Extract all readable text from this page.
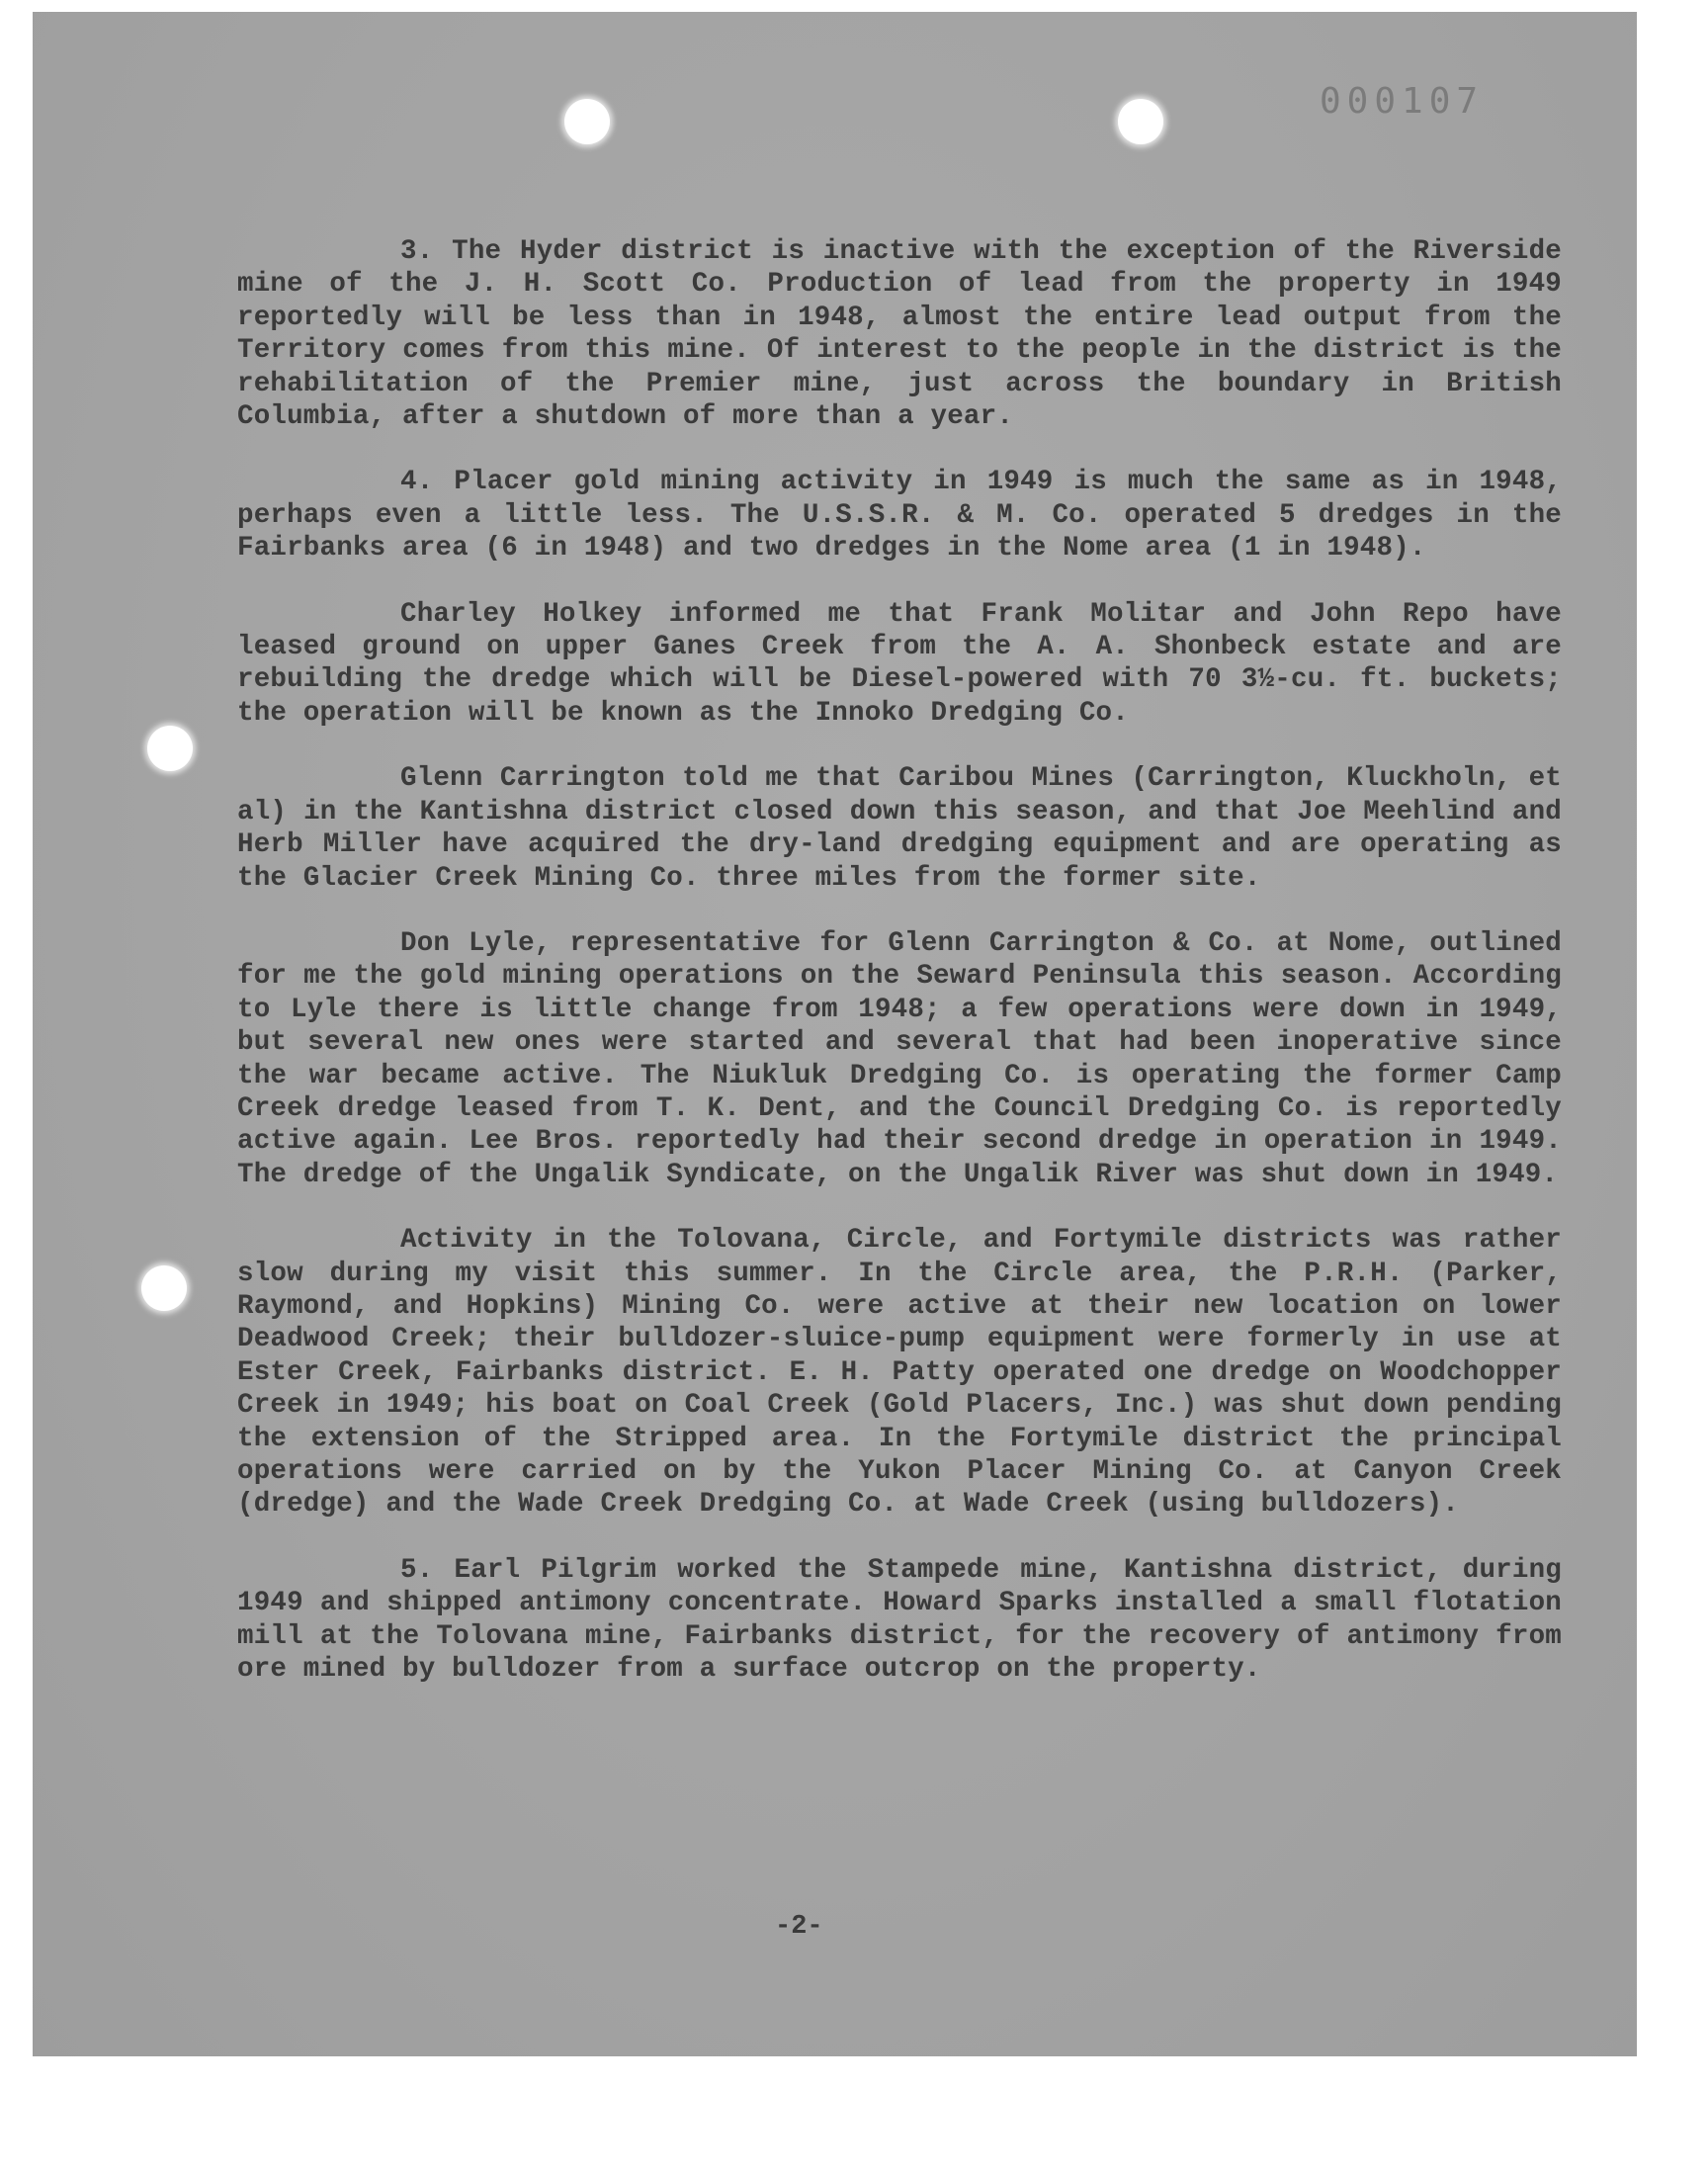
000107

3. The Hyder district is inactive with the exception of the Riverside mine of the J. H. Scott Co. Production of lead from the property in 1949 reportedly will be less than in 1948, almost the entire lead output from the Territory comes from this mine. Of interest to the people in the district is the rehabilitation of the Premier mine, just across the boundary in British Columbia, after a shutdown of more than a year.

4. Placer gold mining activity in 1949 is much the same as in 1948, perhaps even a little less. The U.S.S.R. & M. Co. operated 5 dredges in the Fairbanks area (6 in 1948) and two dredges in the Nome area (1 in 1948).

Charley Holkey informed me that Frank Molitar and John Repo have leased ground on upper Ganes Creek from the A. A. Shonbeck estate and are rebuilding the dredge which will be Diesel-powered with 70 3½-cu. ft. buckets; the operation will be known as the Innoko Dredging Co.

Glenn Carrington told me that Caribou Mines (Carrington, Kluckholn, et al) in the Kantishna district closed down this season, and that Joe Meehlind and Herb Miller have acquired the dry-land dredging equipment and are operating as the Glacier Creek Mining Co. three miles from the former site.

Don Lyle, representative for Glenn Carrington & Co. at Nome, outlined for me the gold mining operations on the Seward Peninsula this season. According to Lyle there is little change from 1948; a few operations were down in 1949, but several new ones were started and several that had been inoperative since the war became active. The Niukluk Dredging Co. is operating the former Camp Creek dredge leased from T. K. Dent, and the Council Dredging Co. is reportedly active again. Lee Bros. reportedly had their second dredge in operation in 1949. The dredge of the Ungalik Syndicate, on the Ungalik River was shut down in 1949.

Activity in the Tolovana, Circle, and Fortymile districts was rather slow during my visit this summer. In the Circle area, the P.R.H. (Parker, Raymond, and Hopkins) Mining Co. were active at their new location on lower Deadwood Creek; their bulldozer-sluice-pump equipment were formerly in use at Ester Creek, Fairbanks district. E. H. Patty operated one dredge on Woodchopper Creek in 1949; his boat on Coal Creek (Gold Placers, Inc.) was shut down pending the extension of the Stripped area. In the Fortymile district the principal operations were carried on by the Yukon Placer Mining Co. at Canyon Creek (dredge) and the Wade Creek Dredging Co. at Wade Creek (using bulldozers).

5. Earl Pilgrim worked the Stampede mine, Kantishna district, during 1949 and shipped antimony concentrate. Howard Sparks installed a small flotation mill at the Tolovana mine, Fairbanks district, for the recovery of antimony from ore mined by bulldozer from a surface outcrop on the property.

-2-
